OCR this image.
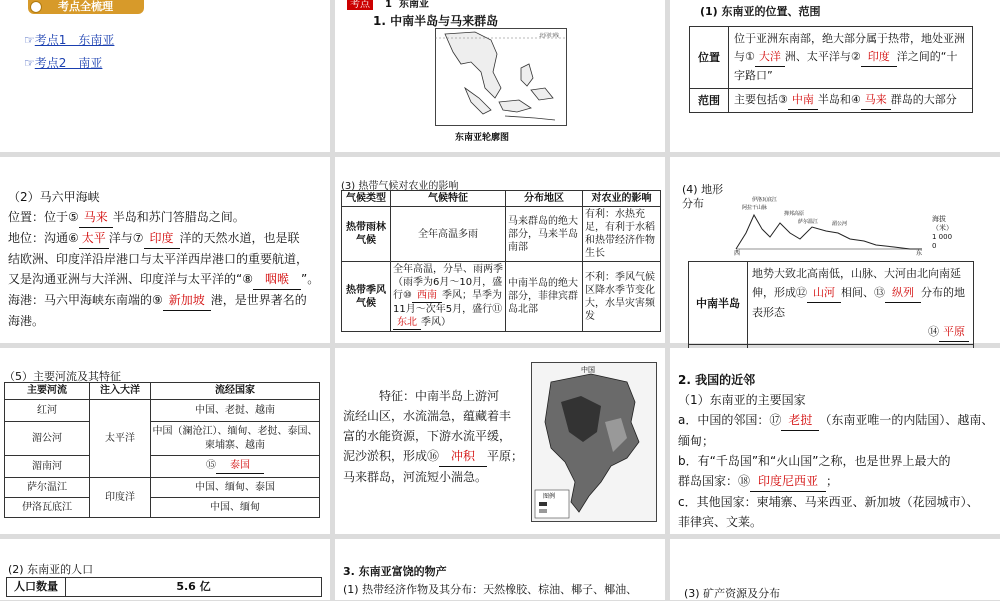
考点全梳理
☞考点1　东南亚
☞考点2　南亚
考点	1 东南亚
1. 中南半岛与马来群岛
北回归线
东南亚轮廓图
(1) 东南亚的位置、范围
位置	位于亚洲东南部，绝大部分属于热带，地处亚洲与① 大洋 洲、太平洋与② 印度 洋之间的“十字路口”
范围	主要包括③ 中南 半岛和④ 马来 群岛的大部分
（2）马六甲海峡
位置：位于⑤ 马来 半岛和苏门答腊岛之间。
地位：沟通⑥ 太平 洋与⑦ 印度 洋的天然水道，也是联
结欧洲、印度洋沿岸港口与太平洋西岸港口的重要航道，
又是沟通亚洲与大洋洲、印度洋与太平洋的“⑧ 咽喉 ”。
海港：马六甲海峡东南端的⑨ 新加坡 港，是世界著名的
海港。
(3) 热带气候对农业的影响
气候类型	气候特征	分布地区	对农业的影响
热带雨林气候	全年高温多雨	马来群岛的绝大部分，马来半岛南部	有利：水热充足，有利于水稻和热带经济作物生长
热带季风气候	全年高温，分旱、雨两季（雨季为6月～10月，盛行⑩ 西南 季风；旱季为11月～次年5月，盛行⑪东北 季风）	中南半岛的绝大部分，菲律宾群岛北部	不利：季风气候区降水季节变化大，水旱灾害频发
(4) 地形分布
西	东
阿拉干山脉
伊洛瓦底江
掸邦高原
萨尔温江	湄公河
海拔（米）
1 000
0
中南半岛	地势大致北高南低，山脉、大河由北向南延伸，形成⑫ 山河 相间、⑬ 纵列 分布的地表形态
⑭ 平原

（5）主要河流及其特征
主要河流	注入大洋	流经国家
红河	太平洋	中国、老挝、越南
湄公河		中国（澜沧江）、缅甸、老挝、泰国、柬埔寨、越南
湄南河		⑮ 泰国
萨尔温江	印度洋	中国、缅甸、泰国
伊洛瓦底江		中国、缅甸
特征：中南半岛上游河
流经山区，水流湍急，蕴藏着丰
富的水能资源，下游水流平缓，
泥沙淤积，形成⑯ 冲积 平原；
马来群岛，河流短小湍急。
中国
图例
2. 我国的近邻
（1）东南亚的主要国家
a．中国的邻国：⑰ 老挝 （东南亚唯一的内陆国）、越南、
缅甸；
b．有“千岛国”和“火山国”之称，也是世界上最大的
群岛国家：⑱ 印度尼西亚 ；
c．其他国家：柬埔寨、马来西亚、新加坡（花园城市）、
菲律宾、文莱。
(2) 东南亚的人口
人口数量	5.6 亿
3. 东南亚富饶的物产
(1) 热带经济作物及其分布：天然橡胶、棕油、椰子、椰油、	(3) 矿产资源及分布
